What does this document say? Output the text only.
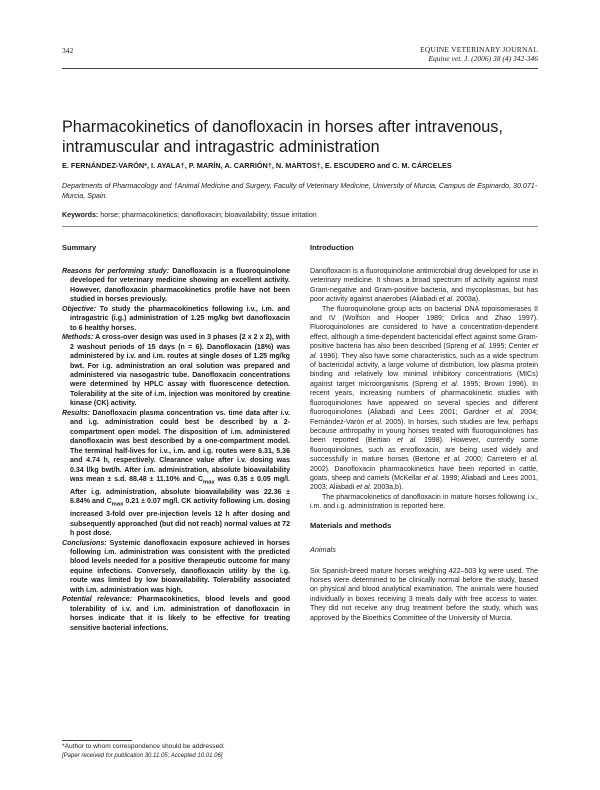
342	EQUINE VETERINARY JOURNAL
Equine vet. J. (2006) 38 (4) 342-346
Pharmacokinetics of danofloxacin in horses after intravenous, intramuscular and intragastric administration
E. FERNÁNDEZ-VARÓN*, I. AYALA†, P. MARÍN, A. CARRIÓN†, N. MARTOS†, E. ESCUDERO and C. M. CÁRCELES
Departments of Pharmacology and †Animal Medicine and Surgery, Faculty of Veterinary Medicine, University of Murcia, Campus de Espinardo, 30.071-Murcia, Spain.
Keywords: horse; pharmacokinetics; danofloxacin; bioavailability; tissue irritation
Summary

Reasons for performing study: Danofloxacin is a fluoroquinolone developed for veterinary medicine showing an excellent activity. However, danofloxacin pharmacokinetics profile have not been studied in horses previously.

Objective: To study the pharmacokinetics following i.v., i.m. and intragastric (i.g.) administration of 1.25 mg/kg bwt danofloxacin to 6 healthy horses.

Methods: A cross-over design was used in 3 phases (2 x 2 x 2), with 2 washout periods of 15 days (n = 6). Danofloxacin (18%) was administered by i.v. and i.m. routes at single doses of 1.25 mg/kg bwt. For i.g. administration an oral solution was prepared and administered via nasogastric tube. Danofloxacin concentrations were determined by HPLC assay with fluorescence detection. Tolerability at the site of i.m. injection was monitored by creatine kinase (CK) activity.

Results: Danofloxacin plasma concentration vs. time data after i.v. and i.g. administration could best be described by a 2-compartment open model. The disposition of i.m. administered danofloxacin was best described by a one-compartment model. The terminal half-lives for i.v., i.m. and i.g. routes were 6.31, 5.36 and 4.74 h, respectively. Clearance value after i.v. dosing was 0.34 l/kg bwt/h. After i.m. administration, absolute bioavailability was mean ± s.d. 88.48 ± 11.10% and $C_{max}$ was 0.35 ± 0.05 mg/l. After i.g. administration, absolute bioavailability was 22.36 ± 6.84% and $C_{max}$ 0.21 ± 0.07 mg/l. CK activity following i.m. dosing increased 3-fold over pre-injection levels 12 h after dosing and subsequently approached (but did not reach) normal values at 72 h post dose.

Conclusions: Systemic danofloxacin exposure achieved in horses following i.m. administration was consistent with the predicted blood levels needed for a positive therapeutic outcome for many equine infections. Conversely, danofloxacin utility by the i.g. route was limited by low bioavailability. Tolerability associated with i.m. administration was high.

Potential relevance: Pharmacokinetics, blood levels and good tolerability of i.v. and i.m. administration of danofloxacin in horses indicate that it is likely to be effective for treating sensitive bacterial infections.

Introduction

Danofloxacin is a fluoroquinolone antimicrobial drug developed for use in veterinary medicine. It shows a broad spectrum of activity against most Gram-negative and Gram-positive bacteria, and mycoplasmas, but has poor activity against anaerobes (Aliabadi et al. 2003a).

The fluoroquinolone group acts on bacterial DNA topoisomerases II and IV (Wolfson and Hooper 1989; Drlica and Zhao 1997). Fluoroquinolones are considered to have a concentration-dependent effect, although a time-dependent bactericidal effect against some Gram-positive bacteria has also been described (Spreng et al. 1995; Center et al. 1996). They also have some characteristics, such as a wide spectrum of bactericidal activity, a large volume of distribution, low plasma protein binding and relatively low minimal inhibitory concentrations (MICs) against target microorganisms (Spreng et al. 1995; Brown 1996). In recent years, increasing numbers of pharmacokinetic studies with fluoroquinolones have appeared on several species and different fluoroquinolones (Aliabadi and Lees 2001; Gardner et al. 2004; Fernández-Varón et al. 2005). In horses, such studies are few, perhaps because arthropathy in young horses treated with fluoroquinolones has been reported (Bertian et al. 1998). However, currently some fluoroquinolones, such as enrofloxacin, are being used widely and successfully in mature horses (Bertone et al. 2000; Carretero et al. 2002). Danofloxacin pharmacokinetics have been reported in cattle, goats, sheep and camels (McKellar et al. 1999; Aliabadi and Lees 2001, 2003; Aliabadi et al. 2003a,b).

The pharmacokinetics of danofloxacin in mature horses following i.v., i.m. and i.g. administration is reported here.

Materials and methods
Animals

Six Spanish-breed mature horses weighing 422–503 kg were used. The horses were determined to be clinically normal before the study, based on physical and blood analytical examination. The animals were housed individually in boxes receiving 3 meals daily with free access to water. They did not receive any drug treatment before the study, which was approved by the Bioethics Committee of the University of Murcia.

*Author to whom correspondence should be addressed.
[Paper received for publication 30.11.05; Accepted 10.01.06]
